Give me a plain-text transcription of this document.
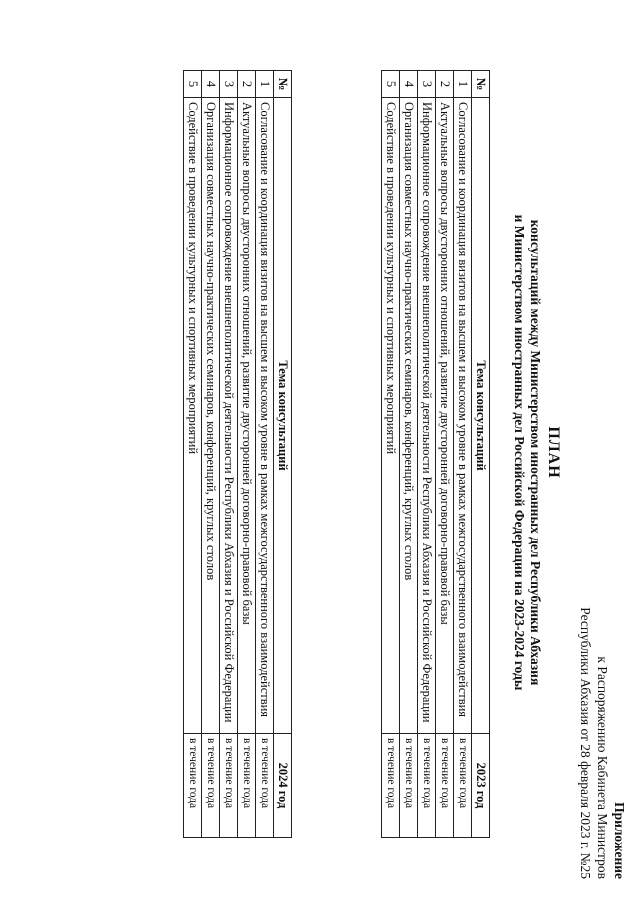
Приложение
к Распоряжению Кабинета Министров
Республики Абхазия от 28 февраля 2023 г. №25
ПЛАН
консультаций между Министерством иностранных дел Республики Абхазия
и Министерством иностранных дел Российской Федерации на 2023-2024 годы
№	Тема консультаций	2023 год
1	Согласование и координация визитов на высшем и высоком уровне в рамках межгосударственного взаимодействия	в течение года
2	Актуальные вопросы двусторонних отношений, развитие двусторонней договорно-правовой базы	в течение года
3	Информационное сопровождение внешнеполитической деятельности Республики Абхазия и Российской Федерации	в течение года
4	Организация совместных научно-практических семинаров, конференций, круглых столов	в течение года
5	Содействие в проведении культурных и спортивных мероприятий	в течение года
№	Тема консультаций	2024 год
1	Согласование и координация визитов на высшем и высоком уровне в рамках межгосударственного взаимодействия	в течение года
2	Актуальные вопросы двусторонних отношений, развитие двусторонней договорно-правовой базы	в течение года
3	Информационное сопровождение внешнеполитической деятельности Республики Абхазия и Российской Федерации	в течение года
4	Организация совместных научно-практических семинаров, конференций, круглых столов	в течение года
5	Содействие в проведении культурных и спортивных мероприятий	в течение года
